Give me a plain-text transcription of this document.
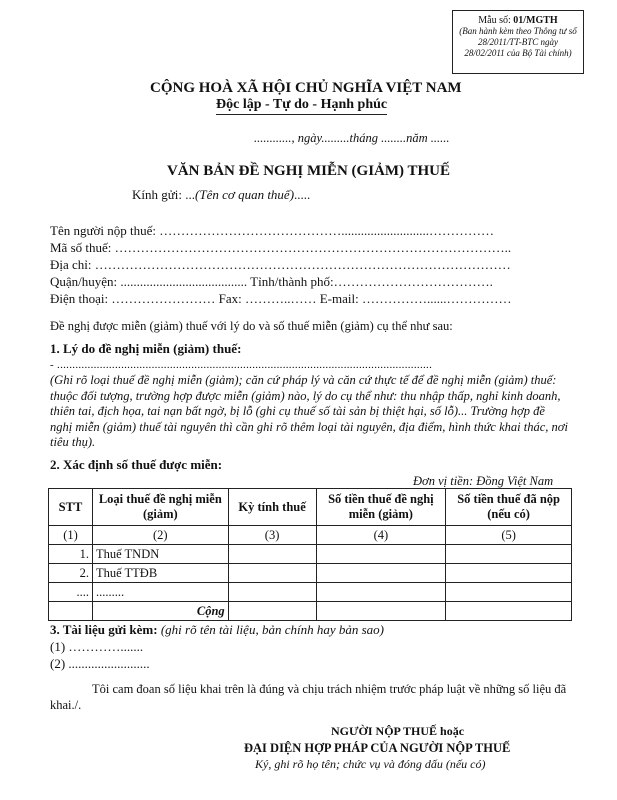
Mẫu số: 01/MGTH
(Ban hành kèm theo Thông tư số 28/2011/TT-BTC ngày 28/02/2011 của Bộ Tài chính)
CỘNG HOÀ XÃ HỘI CHỦ NGHĨA VIỆT NAM
Độc lập - Tự do - Hạnh phúc
............, ngày.........tháng ........năm ......
VĂN BẢN ĐỀ NGHỊ MIỄN (GIẢM) THUẾ
Kính gửi: ...(Tên cơ quan thuế).....
Tên người nộp thuế: ……………………………………...........................……………
Mã số thuế: ………………………………………………………………………………..
Địa chỉ: ……………………………………………………………………………………
Quận/huyện: ....................................... Tỉnh/thành phố:……………………………….
Điện thoại: …………………… Fax: ………..…… E-mail: ……………......……………
Đề nghị được miễn (giảm) thuế với lý do và số thuế miễn (giảm) cụ thể như sau:
1. Lý do đề nghị miễn (giảm) thuế:
- ...........................................................................................................................
(Ghi rõ loại thuế đề nghị miễn (giảm); căn cứ pháp lý và căn cứ thực tế để đề nghị miễn (giảm) thuế: thuộc đối tượng, trường hợp được miễn (giảm) nào, lý do cụ thể như: thu nhập thấp, nghỉ kinh doanh, thiên tai, địch họa, tai nạn bất ngờ, bị lỗ (ghi cụ thuế số tài sản bị thiệt hại, số lỗ)... Trường hợp đề nghị miễn (giảm) thuế tài nguyên thì cần ghi rõ thêm loại tài nguyên, địa điểm, hình thức khai thác, nơi tiêu thụ).
2. Xác định số thuế được miễn:
Đơn vị tiền: Đồng Việt Nam
STT	Loại thuế đề nghị miễn (giảm)	Kỳ tính thuế	Số tiền thuế đề nghị miễn (giảm)	Số tiền thuế đã nộp (nếu có)
(1)	(2)	(3)	(4)	(5)
1.	Thuế TNDN			
2.	Thuế TTĐB			
....	.........			
	Cộng			
3. Tài liệu gửi kèm: (ghi rõ tên tài liệu, bản chính hay bản sao)
(1) ………….......
(2) .........................
Tôi cam đoan số liệu khai trên là đúng và chịu trách nhiệm trước pháp luật về những số liệu đã khai./.
NGƯỜI NỘP THUẾ hoặc
ĐẠI DIỆN HỢP PHÁP CỦA NGƯỜI NỘP THUẾ
Ký, ghi rõ họ tên; chức vụ và đóng dấu (nếu có)
